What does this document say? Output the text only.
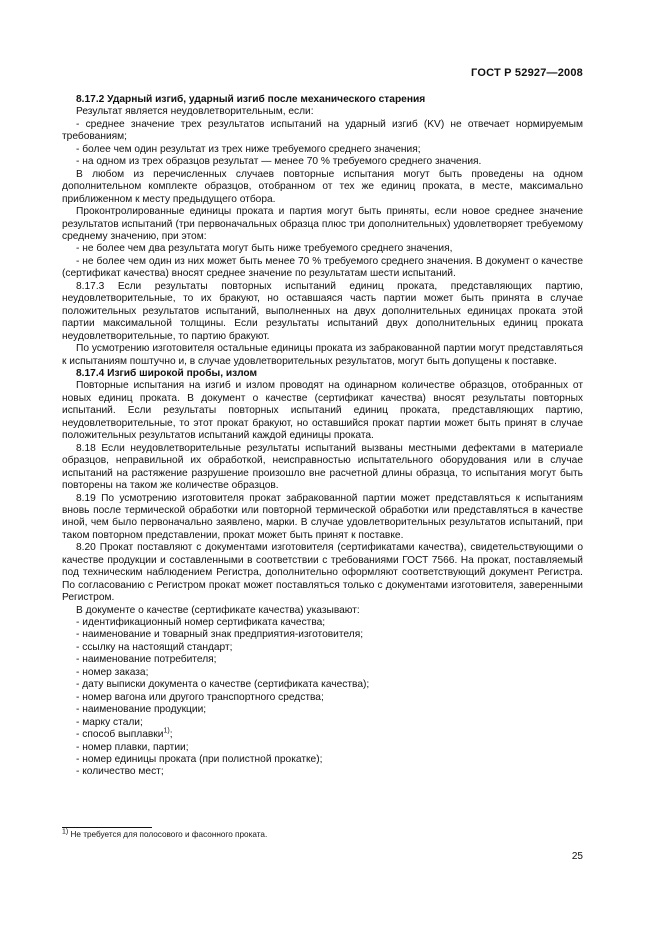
ГОСТ Р 52927—2008

8.17.2 Ударный изгиб, ударный изгиб после механического старения

Результат является неудовлетворительным, если:

- среднее значение трех результатов испытаний на ударный изгиб (KV) не отвечает нормируемым требованиям;

- более чем один результат из трех ниже требуемого среднего значения;

- на одном из трех образцов результат — менее 70 % требуемого среднего значения.

В любом из перечисленных случаев повторные испытания могут быть проведены на одном дополнительном комплекте образцов, отобранном от тех же единиц проката, в месте, максимально приближенном к месту предыдущего отбора.

Проконтролированные единицы проката и партия могут быть приняты, если новое среднее значение результатов испытаний (три первоначальных образца плюс три дополнительных) удовлетворяет требуемому среднему значению, при этом:

- не более чем два результата могут быть ниже требуемого среднего значения,

- не более чем один из них может быть менее 70 % требуемого среднего значения. В документ о качестве (сертификат качества) вносят среднее значение по результатам шести испытаний.

8.17.3 Если результаты повторных испытаний единиц проката, представляющих партию, неудовлетворительные, то их бракуют, но оставшаяся часть партии может быть принята в случае положительных результатов испытаний, выполненных на двух дополнительных единицах проката этой партии максимальной толщины. Если результаты испытаний двух дополнительных единиц проката неудовлетворительные, то партию бракуют.

По усмотрению изготовителя остальные единицы проката из забракованной партии могут представляться к испытаниям поштучно и, в случае удовлетворительных результатов, могут быть допущены к поставке.

8.17.4 Изгиб широкой пробы, излом

Повторные испытания на изгиб и излом проводят на одинарном количестве образцов, отобранных от новых единиц проката. В документ о качестве (сертификат качества) вносят результаты повторных испытаний. Если результаты повторных испытаний единиц проката, представляющих партию, неудовлетворительные, то этот прокат бракуют, но оставшийся прокат партии может быть принят в случае положительных результатов испытаний каждой единицы проката.

8.18 Если неудовлетворительные результаты испытаний вызваны местными дефектами в материале образцов, неправильной их обработкой, неисправностью испытательного оборудования или в случае испытаний на растяжение разрушение произошло вне расчетной длины образца, то испытания могут быть повторены на таком же количестве образцов.

8.19 По усмотрению изготовителя прокат забракованной партии может представляться к испытаниям вновь после термической обработки или повторной термической обработки или представляться в качестве иной, чем было первоначально заявлено, марки. В случае удовлетворительных результатов испытаний, при таком повторном представлении, прокат может быть принят к поставке.

8.20 Прокат поставляют с документами изготовителя (сертификатами качества), свидетельствующими о качестве продукции и составленными в соответствии с требованиями ГОСТ 7566. На прокат, поставляемый под техническим наблюдением Регистра, дополнительно оформляют соответствующий документ Регистра. По согласованию с Регистром прокат может поставляться только с документами изготовителя, заверенными Регистром.

В документе о качестве (сертификате качества) указывают:

- идентификационный номер сертификата качества;

- наименование и товарный знак предприятия-изготовителя;

- ссылку на настоящий стандарт;

- наименование потребителя;

- номер заказа;

- дату выписки документа о качестве (сертификата качества);

- номер вагона или другого транспортного средства;

- наименование продукции;

- марку стали;

- способ выплавки$^{1)}$;

- номер плавки, партии;

- номер единицы проката (при полистной прокатке);

- количество мест;

$^{1)}$ Не требуется для полосового и фасонного проката.
25
